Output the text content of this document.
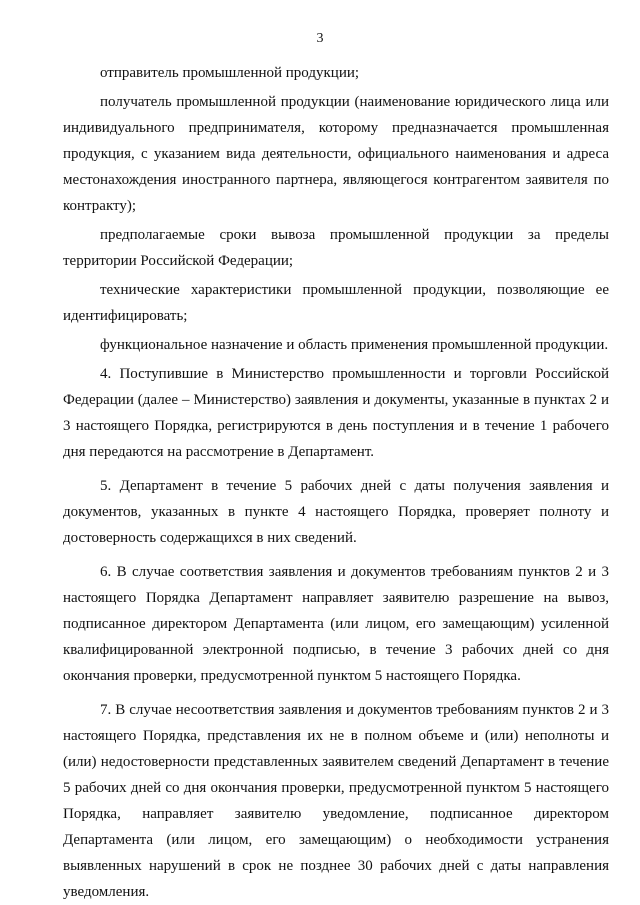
3

отправитель промышленной продукции;

получатель промышленной продукции (наименование юридического лица или индивидуального предпринимателя, которому предназначается промышленная продукция, с указанием вида деятельности, официального наименования и адреса местонахождения иностранного партнера, являющегося контрагентом заявителя по контракту);

предполагаемые сроки вывоза промышленной продукции за пределы территории Российской Федерации;

технические характеристики промышленной продукции, позволяющие ее идентифицировать;

функциональное назначение и область применения промышленной продукции.

4. Поступившие в Министерство промышленности и торговли Российской Федерации (далее – Министерство) заявления и документы, указанные в пунктах 2 и 3 настоящего Порядка, регистрируются в день поступления и в течение 1 рабочего дня передаются на рассмотрение в Департамент.

5. Департамент в течение 5 рабочих дней с даты получения заявления и документов, указанных в пункте 4 настоящего Порядка, проверяет полноту и достоверность содержащихся в них сведений.

6. В случае соответствия заявления и документов требованиям пунктов 2 и 3 настоящего Порядка Департамент направляет заявителю разрешение на вывоз, подписанное директором Департамента (или лицом, его замещающим) усиленной квалифицированной электронной подписью, в течение 3 рабочих дней со дня окончания проверки, предусмотренной пунктом 5 настоящего Порядка.

7. В случае несоответствия заявления и документов требованиям пунктов 2 и 3 настоящего Порядка, представления их не в полном объеме и (или) неполноты и (или) недостоверности представленных заявителем сведений Департамент в течение 5 рабочих дней со дня окончания проверки, предусмотренной пунктом 5 настоящего Порядка, направляет заявителю уведомление, подписанное директором Департамента (или лицом, его замещающим) о необходимости устранения выявленных нарушений в срок не позднее 30 рабочих дней с даты направления уведомления.
